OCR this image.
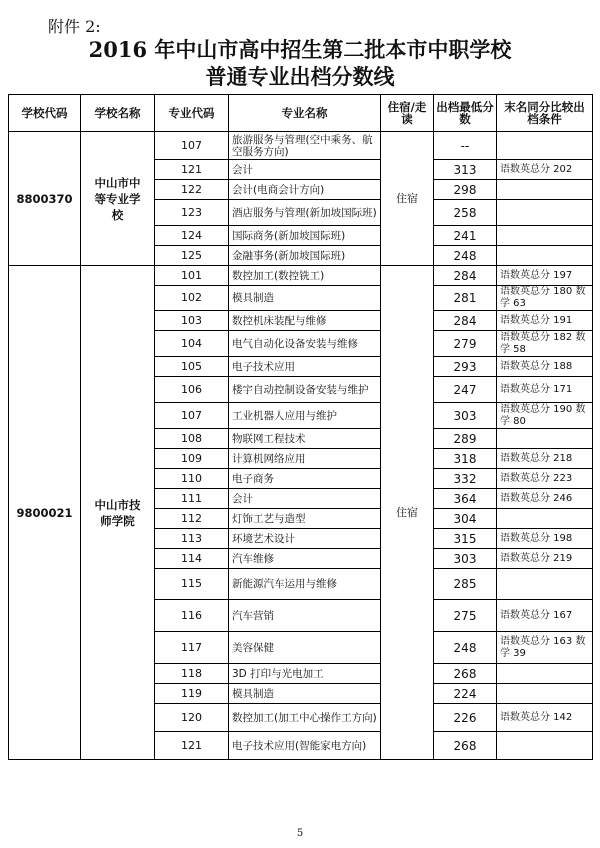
附件 2:
2016 年中山市高中招生第二批本市中职学校
普通专业出档分数线
学校代码	学校名称	专业代码	专业名称	住宿/走读	出档最低分数	末名同分比较出档条件
8800370	中山市中等专业学校	107	旅游服务与管理(空中乘务、航空服务方向)	住宿	--	
		121	会计		313	语数英总分 202
		122	会计(电商会计方向)		298	
		123	酒店服务与管理(新加坡国际班)		258	
		124	国际商务(新加坡国际班)		241	
		125	金融事务(新加坡国际班)		248	
9800021	中山市技师学院	101	数控加工(数控铣工)	住宿	284	语数英总分 197
		102	模具制造		281	语数英总分 180 数学 63
		103	数控机床装配与维修		284	语数英总分 191
		104	电气自动化设备安装与维修		279	语数英总分 182 数学 58
		105	电子技术应用		293	语数英总分 188
		106	楼宇自动控制设备安装与维护		247	语数英总分 171
		107	工业机器人应用与维护		303	语数英总分 190 数学 80
		108	物联网工程技术		289	
		109	计算机网络应用		318	语数英总分 218
		110	电子商务		332	语数英总分 223
		111	会计		364	语数英总分 246
		112	灯饰工艺与造型		304	
		113	环境艺术设计		315	语数英总分 198
		114	汽车维修		303	语数英总分 219
		115	新能源汽车运用与维修		285	
		116	汽车营销		275	语数英总分 167
		117	美容保健		248	语数英总分 163 数学 39
		118	3D 打印与光电加工		268	
		119	模具制造		224	
		120	数控加工(加工中心操作工方向)		226	语数英总分 142
		121	电子技术应用(智能家电方向)		268	
5
